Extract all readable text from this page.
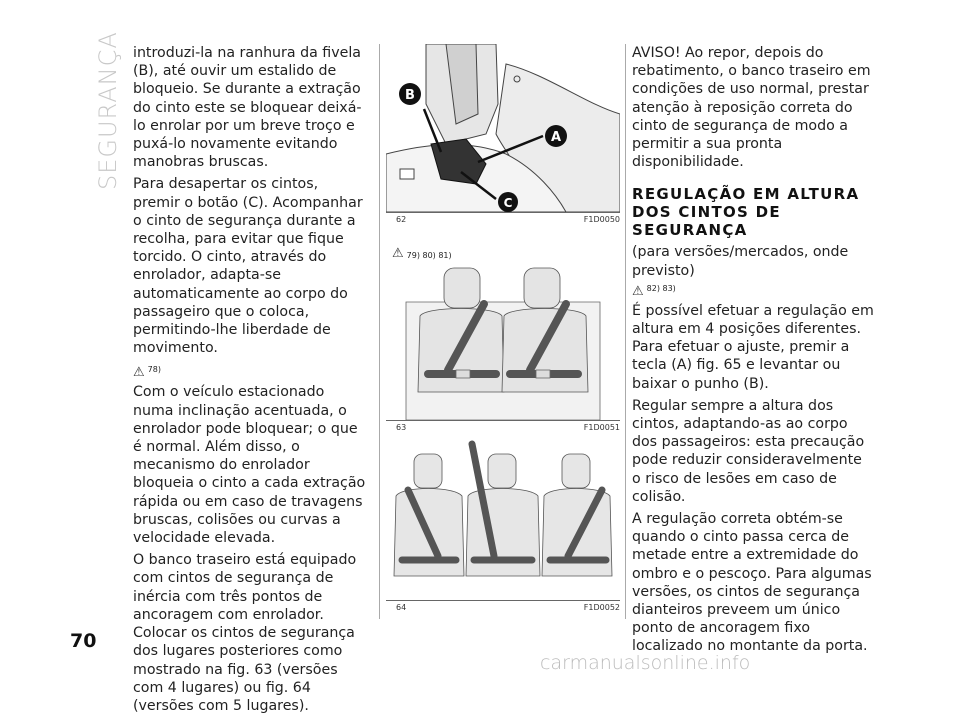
SEGURANÇA
70

introduzi-la na ranhura da fivela (B), até ouvir um estalido de bloqueio. Se durante a extração do cinto este se bloquear deixá-lo enrolar por um breve troço e puxá-lo novamente evitando manobras bruscas.

Para desapertar os cintos, premir o botão (C). Acompanhar o cinto de segurança durante a recolha, para evitar que fique torcido. O cinto, através do enrolador, adapta-se automaticamente ao corpo do passageiro que o coloca, permitindo-lhe liberdade de movimento.

⚠ 78)

Com o veículo estacionado numa inclinação acentuada, o enrolador pode bloquear; o que é normal. Além disso, o mecanismo do enrolador bloqueia o cinto a cada extração rápida ou em caso de travagens bruscas, colisões ou curvas a velocidade elevada.

O banco traseiro está equipado com cintos de segurança de inércia com três pontos de ancoragem com enrolador. Colocar os cintos de segurança dos lugares posteriores como mostrado na fig. 63 (versões com 4 lugares) ou fig. 64 (versões com 5 lugares).

B
A
C
62	F1D0050
⚠ 79) 80) 81)
63	F1D0051
64	F1D0052

AVISO! Ao repor, depois do rebatimento, o banco traseiro em condições de uso normal, prestar atenção à reposição correta do cinto de segurança de modo a permitir a sua pronta disponibilidade.

REGULAÇÃO EM ALTURA DOS CINTOS DE SEGURANÇA

(para versões/mercados, onde previsto)

⚠ 82) 83)

É possível efetuar a regulação em altura em 4 posições diferentes. Para efetuar o ajuste, premir a tecla (A) fig. 65 e levantar ou baixar o punho (B).

Regular sempre a altura dos cintos, adaptando-as ao corpo dos passageiros: esta precaução pode reduzir consideravelmente o risco de lesões em caso de colisão.

A regulação correta obtém-se quando o cinto passa cerca de metade entre a extremidade do ombro e o pescoço. Para algumas versões, os cintos de segurança dianteiros preveem um único ponto de ancoragem fixo localizado no montante da porta.

carmanualsonline.info
